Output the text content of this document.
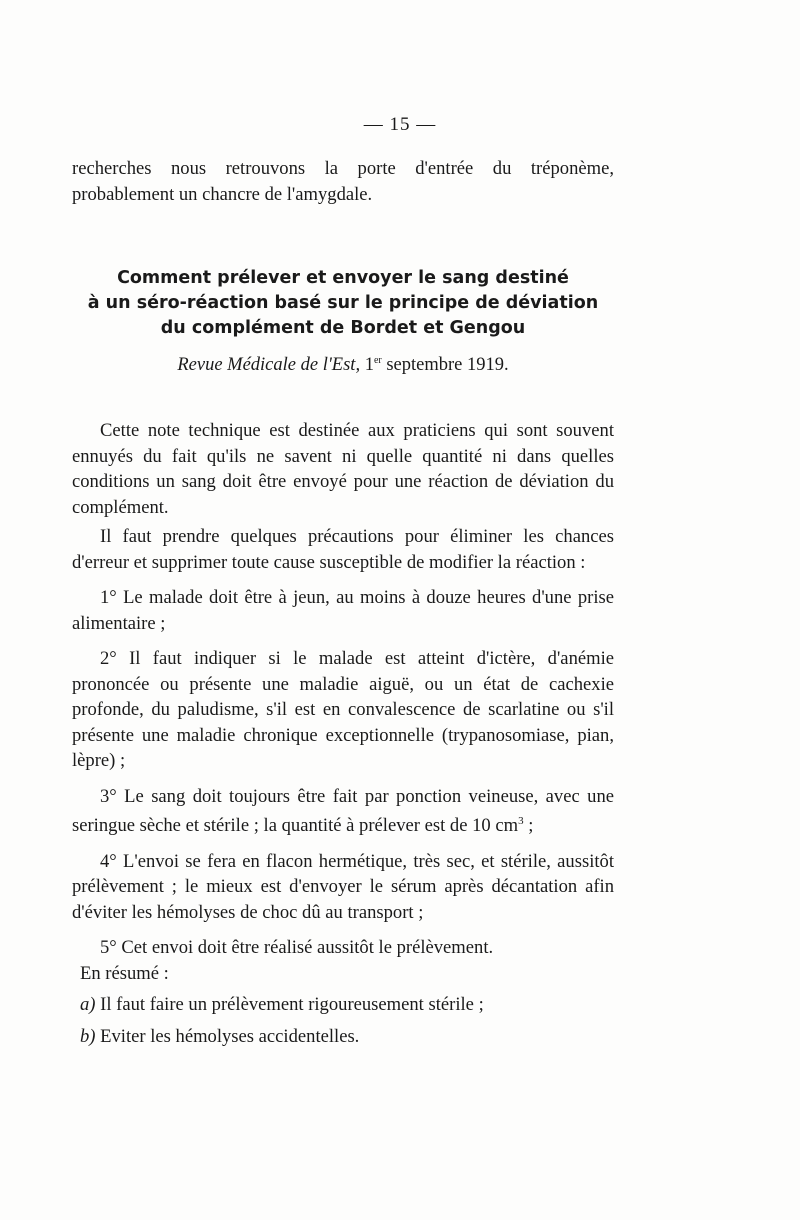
— 15 —

recherches nous retrouvons la porte d'entrée du tréponème, probablement un chancre de l'amygdale.

Comment prélever et envoyer le sang destiné
à un séro-réaction basé sur le principe de déviation
du complément de Bordet et Gengou
Revue Médicale de l'Est, 1er septembre 1919.

Cette note technique est destinée aux praticiens qui sont souvent ennuyés du fait qu'ils ne savent ni quelle quantité ni dans quelles conditions un sang doit être envoyé pour une réaction de déviation du complément.

Il faut prendre quelques précautions pour éliminer les chances d'erreur et supprimer toute cause susceptible de modifier la réaction :

1° Le malade doit être à jeun, au moins à douze heures d'une prise alimentaire ;

2° Il faut indiquer si le malade est atteint d'ictère, d'anémie prononcée ou présente une maladie aiguë, ou un état de cachexie profonde, du paludisme, s'il est en convalescence de scarlatine ou s'il présente une maladie chronique exceptionnelle (trypanosomiase, pian, lèpre) ;

3° Le sang doit toujours être fait par ponction veineuse, avec une seringue sèche et stérile ; la quantité à prélever est de 10 $cm^3$ ;

4° L'envoi se fera en flacon hermétique, très sec, et stérile, aussitôt prélèvement ; le mieux est d'envoyer le sérum après décantation afin d'éviter les hémolyses de choc dû au transport ;

5° Cet envoi doit être réalisé aussitôt le prélèvement.

En résumé :

a) Il faut faire un prélèvement rigoureusement stérile ;

b) Eviter les hémolyses accidentelles.
